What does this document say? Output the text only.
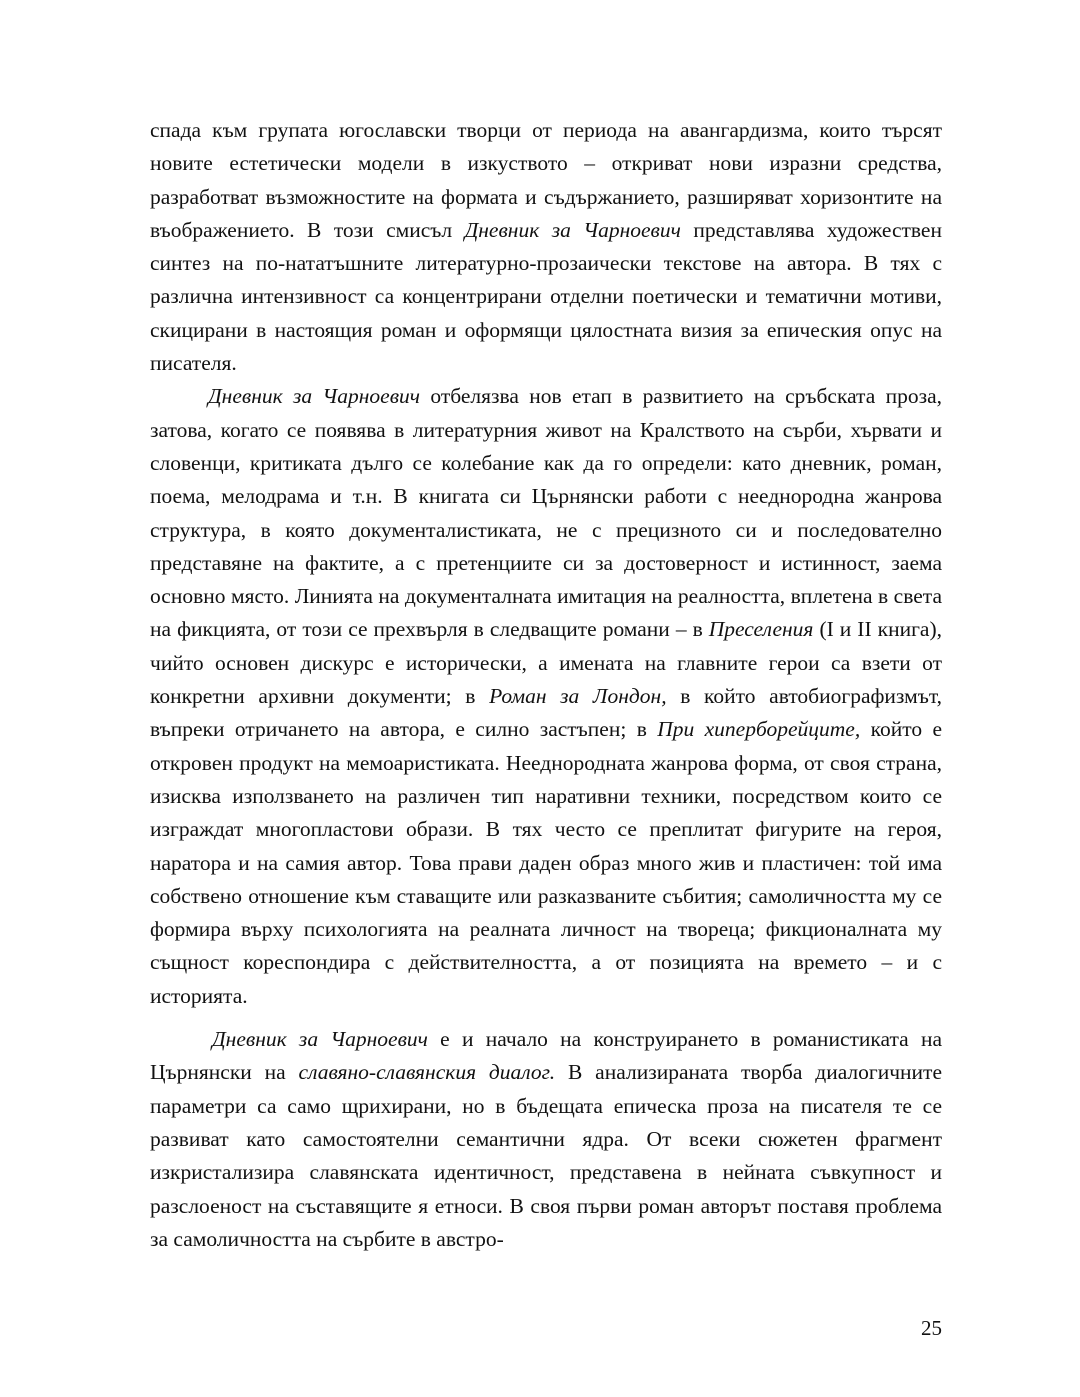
спада към групата югославски творци от периода на авангардизма, които търсят новите естетически модели в изкуството – откриват нови изразни средства, разработват възможностите на формата и съдържанието, разширяват хоризонтите на въображението. В този смисъл Дневник за Чарноевич представлява художествен синтез на по-нататъшните литературно-прозаически текстове на автора. В тях с различна интензивност са концентрирани отделни поетически и тематични мотиви, скицирани в настоящия роман и оформящи цялостната визия за епическия опус на писателя.

Дневник за Чарноевич отбелязва нов етап в развитието на сръбската проза, затова, когато се появява в литературния живот на Кралството на сърби, хървати и словенци, критиката дълго се колебание как да го определи: като дневник, роман, поема, мелодрама и т.н. В книгата си Църнянски работи с нееднородна жанрова структура, в която документалистиката, не с прецизното си и последователно представяне на фактите, а с претенциите си за достоверност и истинност, заема основно място. Линията на документалната имитация на реалността, вплетена в света на фикцията, от този се прехвърля в следващите романи – в Преселения (I и II книга), чийто основен дискурс е исторически, а имената на главните герои са взети от конкретни архивни документи; в Роман за Лондон, в който автобиографизмът, въпреки отричането на автора, е силно застъпен; в При хиперборейците, който е откровен продукт на мемоаристиката. Нееднородната жанрова форма, от своя страна, изисква използването на различен тип наративни техники, посредством които се изграждат многопластови образи. В тях често се преплитат фигурите на героя, наратора и на самия автор. Това прави даден образ много жив и пластичен: той има собствено отношение към ставащите или разказваните събития; самоличността му се формира върху психологията на реалната личност на твореца; фикционалната му същност кореспондира с действителността, а от позицията на времето – и с историята.

Дневник за Чарноевич е и начало на конструирането в романистиката на Църнянски на славяно-славянския диалог. В анализираната творба диалогичните параметри са само щрихирани, но в бъдещата епическа проза на писателя те се развиват като самостоятелни семантични ядра. От всеки сюжетен фрагмент изкристализира славянската идентичност, представена в нейната съвкупност и разслоеност на съставящите я етноси. В своя първи роман авторът поставя проблема за самоличността на сърбите в австро-

25
